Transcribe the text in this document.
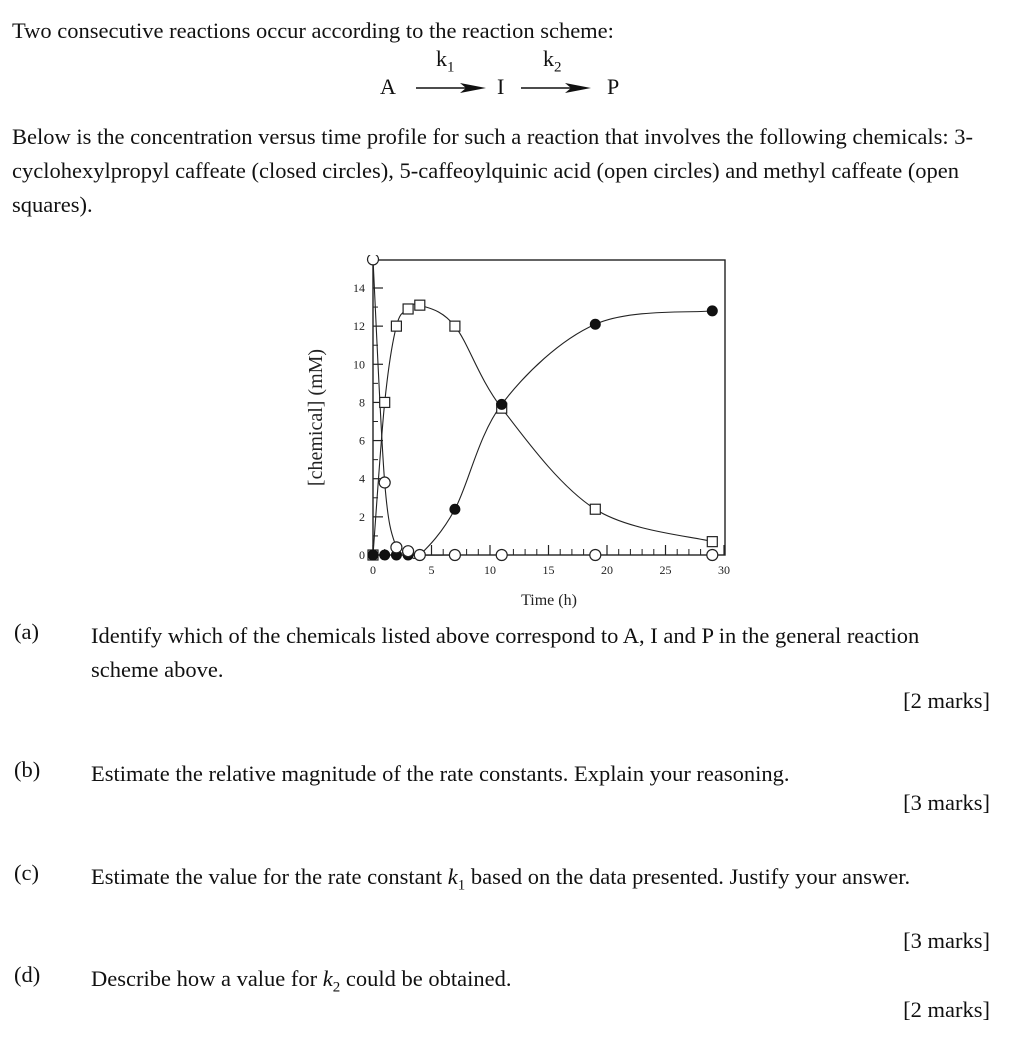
Two consecutive reactions occur according to the reaction scheme:
A
$k_1$
I
$k_2$
P
Below is the concentration versus time profile for such a reaction that involves the following chemicals: 3-cyclohexylpropyl caffeate (closed circles), 5-caffeoylquinic acid (open circles) and methyl caffeate (open squares).
0
2
4
6
8
10
12
14
0	5	10	15	20	25	30
Time (h)
[chemical] (mM)
(a) Identify which of the chemicals listed above correspond to A, I and P in the general reaction scheme above.
[2 marks]
(b) Estimate the relative magnitude of the rate constants. Explain your reasoning.
[3 marks]
(c) Estimate the value for the rate constant $k_1$ based on the data presented. Justify your answer.
[3 marks]
(d) Describe how a value for $k_2$ could be obtained.
[2 marks]
